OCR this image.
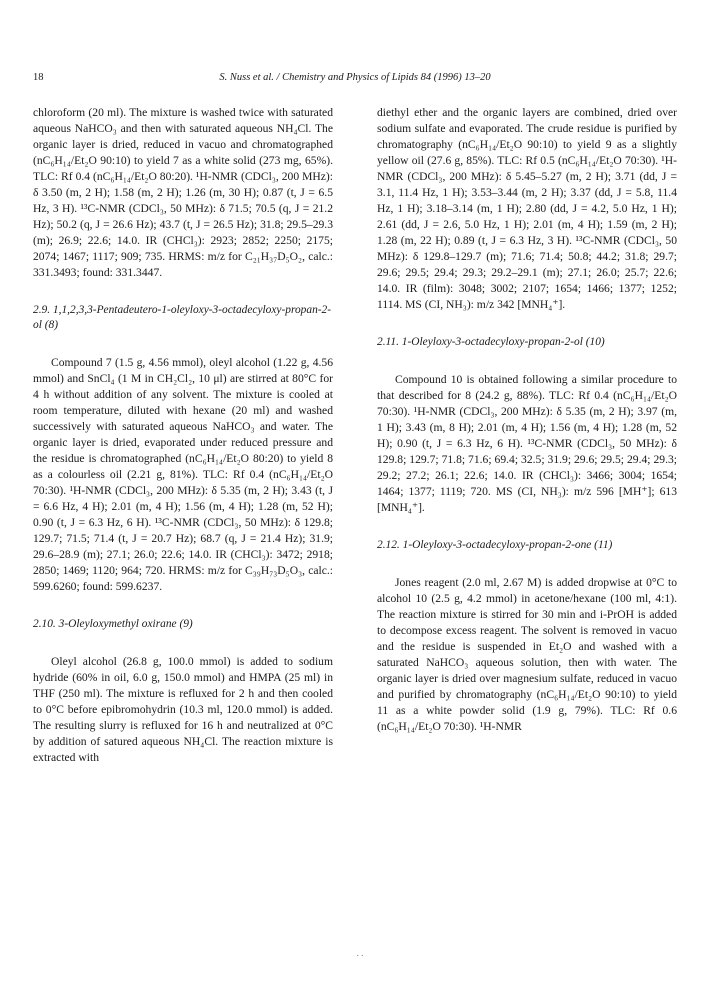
18	S. Nuss et al. / Chemistry and Physics of Lipids 84 (1996) 13–20

chloroform (20 ml). The mixture is washed twice with saturated aqueous NaHCO₃ and then with saturated aqueous NH₄Cl. The organic layer is dried, reduced in vacuo and chromatographed (nC₆H₁₄/Et₂O 90:10) to yield 7 as a white solid (273 mg, 65%). TLC: Rf 0.4 (nC₆H₁₄/Et₂O 80:20). ¹H-NMR (CDCl₃, 200 MHz): δ 3.50 (m, 2 H); 1.58 (m, 2 H); 1.26 (m, 30 H); 0.87 (t, J = 6.5 Hz, 3 H). ¹³C-NMR (CDCl₃, 50 MHz): δ 71.5; 70.5 (q, J = 21.2 Hz); 50.2 (q, J = 26.6 Hz); 43.7 (t, J = 26.5 Hz); 31.8; 29.5–29.3 (m); 26.9; 22.6; 14.0. IR (CHCl₃): 2923; 2852; 2250; 2175; 2074; 1467; 1117; 909; 735. HRMS: m/z for C₂₁H₃₇D₅O₂, calc.: 331.3493; found: 331.3447.

2.9. 1,1,2,3,3-Pentadeutero-1-oleyloxy-3-octadecyloxy-propan-2-ol (8)

Compound 7 (1.5 g, 4.56 mmol), oleyl alcohol (1.22 g, 4.56 mmol) and SnCl₄ (1 M in CH₂Cl₂, 10 μl) are stirred at 80°C for 4 h without addition of any solvent. The mixture is cooled at room temperature, diluted with hexane (20 ml) and washed successively with saturated aqueous NaHCO₃ and water. The organic layer is dried, evaporated under reduced pressure and the residue is chromatographed (nC₆H₁₄/Et₂O 80:20) to yield 8 as a colourless oil (2.21 g, 81%). TLC: Rf 0.4 (nC₆H₁₄/Et₂O 70:30). ¹H-NMR (CDCl₃, 200 MHz): δ 5.35 (m, 2 H); 3.43 (t, J = 6.6 Hz, 4 H); 2.01 (m, 4 H); 1.56 (m, 4 H); 1.28 (m, 52 H); 0.90 (t, J = 6.3 Hz, 6 H). ¹³C-NMR (CDCl₃, 50 MHz): δ 129.8; 129.7; 71.5; 71.4 (t, J = 20.7 Hz); 68.7 (q, J = 21.4 Hz); 31.9; 29.6–28.9 (m); 27.1; 26.0; 22.6; 14.0. IR (CHCl₃): 3472; 2918; 2850; 1469; 1120; 964; 720. HRMS: m/z for C₃₉H₇₃D₅O₃, calc.: 599.6260; found: 599.6237.

2.10. 3-Oleyloxymethyl oxirane (9)

Oleyl alcohol (26.8 g, 100.0 mmol) is added to sodium hydride (60% in oil, 6.0 g, 150.0 mmol) and HMPA (25 ml) in THF (250 ml). The mixture is refluxed for 2 h and then cooled to 0°C before epibromohydrin (10.3 ml, 120.0 mmol) is added. The resulting slurry is refluxed for 16 h and neutralized at 0°C by addition of satured aqueous NH₄Cl. The reaction mixture is extracted with

diethyl ether and the organic layers are combined, dried over sodium sulfate and evaporated. The crude residue is purified by chromatography (nC₆H₁₄/Et₂O 90:10) to yield 9 as a slightly yellow oil (27.6 g, 85%). TLC: Rf 0.5 (nC₆H₁₄/Et₂O 70:30). ¹H-NMR (CDCl₃, 200 MHz): δ 5.45–5.27 (m, 2 H); 3.71 (dd, J = 3.1, 11.4 Hz, 1 H); 3.53–3.44 (m, 2 H); 3.37 (dd, J = 5.8, 11.4 Hz, 1 H); 3.18–3.14 (m, 1 H); 2.80 (dd, J = 4.2, 5.0 Hz, 1 H); 2.61 (dd, J = 2.6, 5.0 Hz, 1 H); 2.01 (m, 4 H); 1.59 (m, 2 H); 1.28 (m, 22 H); 0.89 (t, J = 6.3 Hz, 3 H). ¹³C-NMR (CDCl₃, 50 MHz): δ 129.8–129.7 (m); 71.6; 71.4; 50.8; 44.2; 31.8; 29.7; 29.6; 29.5; 29.4; 29.3; 29.2–29.1 (m); 27.1; 26.0; 25.7; 22.6; 14.0. IR (film): 3048; 3002; 2107; 1654; 1466; 1377; 1252; 1114. MS (CI, NH₃): m/z 342 [MNH₄⁺].

2.11. 1-Oleyloxy-3-octadecyloxy-propan-2-ol (10)

Compound 10 is obtained following a similar procedure to that described for 8 (24.2 g, 88%). TLC: Rf 0.4 (nC₆H₁₄/Et₂O 70:30). ¹H-NMR (CDCl₃, 200 MHz): δ 5.35 (m, 2 H); 3.97 (m, 1 H); 3.43 (m, 8 H); 2.01 (m, 4 H); 1.56 (m, 4 H); 1.28 (m, 52 H); 0.90 (t, J = 6.3 Hz, 6 H). ¹³C-NMR (CDCl₃, 50 MHz): δ 129.8; 129.7; 71.8; 71.6; 69.4; 32.5; 31.9; 29.6; 29.5; 29.4; 29.3; 29.2; 27.2; 26.1; 22.6; 14.0. IR (CHCl₃): 3466; 3004; 1654; 1464; 1377; 1119; 720. MS (CI, NH₃): m/z 596 [MH⁺]; 613 [MNH₄⁺].

2.12. 1-Oleyloxy-3-octadecyloxy-propan-2-one (11)

Jones reagent (2.0 ml, 2.67 M) is added dropwise at 0°C to alcohol 10 (2.5 g, 4.2 mmol) in acetone/hexane (100 ml, 4:1). The reaction mixture is stirred for 30 min and i-PrOH is added to decompose excess reagent. The solvent is removed in vacuo and the residue is suspended in Et₂O and washed with a saturated NaHCO₃ aqueous solution, then with water. The organic layer is dried over magnesium sulfate, reduced in vacuo and purified by chromatography (nC₆H₁₄/Et₂O 90:10) to yield 11 as a white powder solid (1.9 g, 79%). TLC: Rf 0.6 (nC₆H₁₄/Et₂O 70:30). ¹H-NMR

. .
